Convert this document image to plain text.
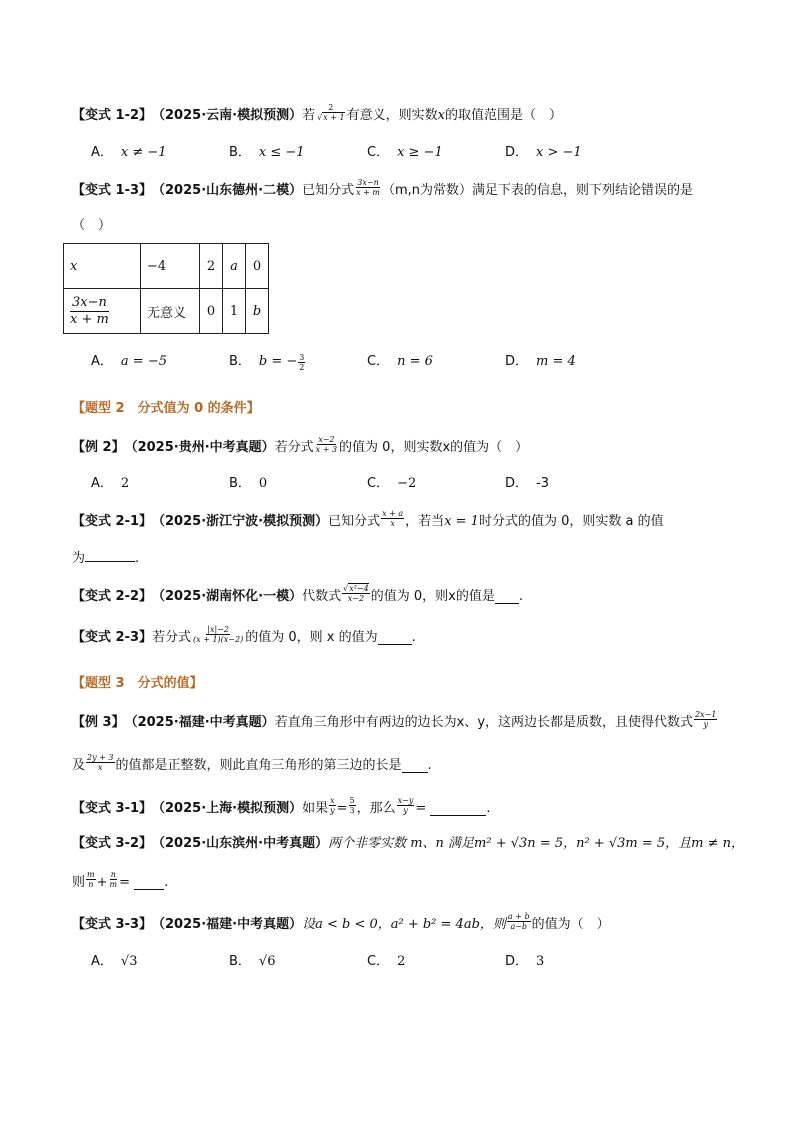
【变式 1-2】 （2025·云南·模拟预测） 若 $\frac{2}{√x + 1}$ 有意义，则实数 x 的取值范围是（　）
A． x ≠ −1	B． x ≤ −1	C． x ≥ −1	D． x > −1
【变式 1-3】 （2025·山东德州·二模） 已知分式 $\frac{3x-n}{x + m} (m,n$为常数） 满足下表的信息，则下列结论错误的是
（　）
x	−4	2	a	0

$\frac{3x-n}{x + m}$	无意义	0	1	b
A． a = −5	B． b = − $\frac{3}{2}$	C． n = 6	D． m = 4
【题型 2　分式值为 0 的条件】
【例 2】 （2025·贵州·中考真题） 若分式 $\frac{x-2}{x + 3}$ 的值为 0，则实数x的值为（　）
A． 2	B． 0	C． −2	D． -3
【变式 2-1】 （2025·浙江宁波·模拟预测） 已知分式 $\frac{x + a}{x}$ ，若当 x = 1 时分式的值为 0，则实数 a 的值
为	.
【变式 2-2】 （2025·湖南怀化·一模） 代数式 $\frac{\text{√x²−4}}{x-2}$ 的值为 0，则x的值是 .
【变式 2-3】 若分式 $\frac{|x|-2}{(x + 1)(x-2)}$ 的值为 0，则 x 的值为	.
【题型 3　分式的值】
【例 3】 （2025·福建·中考真题） 若直角三角形中有两边的边长为x、y，这两边长都是质数，且使得代数式 $\frac{2x-1}{y}$
及 $\frac{2y + 3}{x}$ 的值都是正整数，则此直角三角形的第三边的长是 .
【变式 3-1】 （2025·上海·模拟预测） 如果 $\frac{x}{y} = \frac{5}{3}$ ，那么 $\frac{x-y}{y}$ =
	.
【变式 3-2】 （2025·山东滨州·中考真题） 两个非零实数 m、n 满足m² + √3n = 5，n² + √3m = 5，且m ≠ n，
则 $\frac{m}{n} + \frac{n}{m}$ =
	.
【变式 3-3】 （2025·福建·中考真题） 设a < b < 0，a² + b² = 4ab，则 $\frac{a + b}{a-b}$ 的值为（　）
A． √3	B． √6	C． 2	D． 3
